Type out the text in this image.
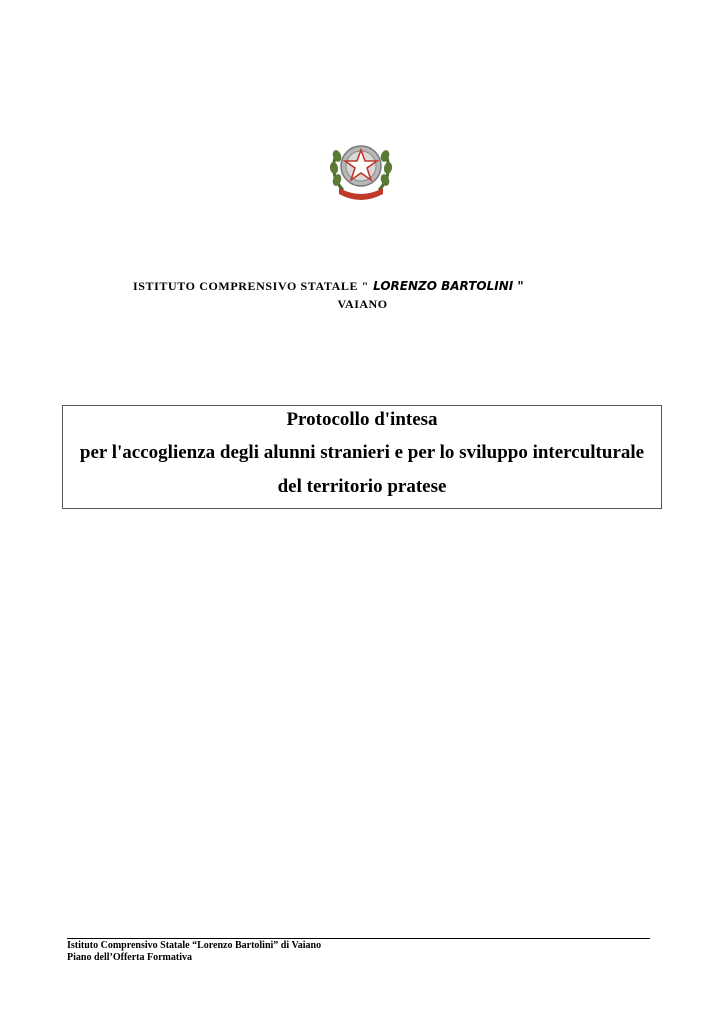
ISTITUTO COMPRENSIVO STATALE " LORENZO BARTOLINI "
VAIANO
Protocollo d'intesa
per l'accoglienza degli alunni stranieri e per lo sviluppo interculturale
del territorio pratese
Istituto Comprensivo Statale “Lorenzo Bartolini” di Vaiano
Piano dell’Offerta Formativa
